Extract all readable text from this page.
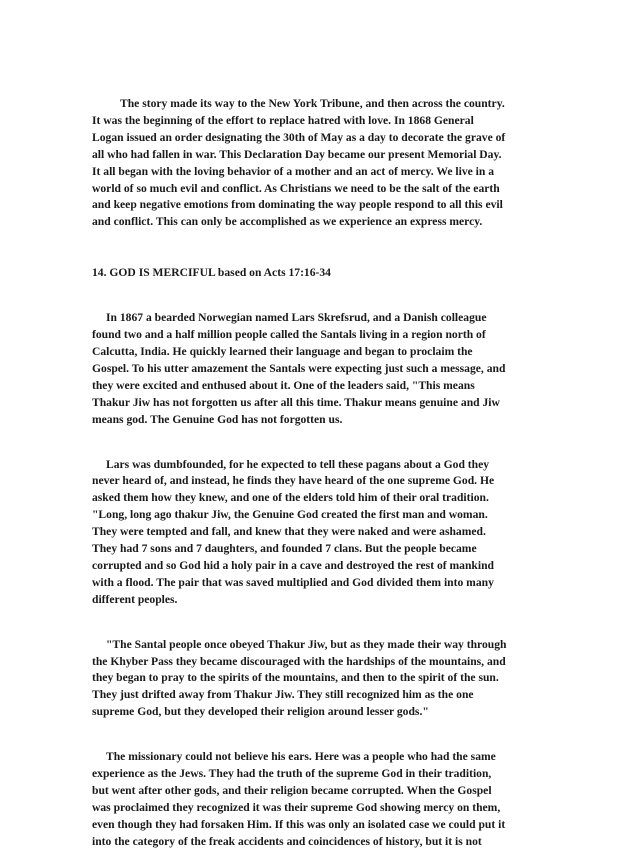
The story made its way to the New York Tribune, and then across the country.
It was the beginning of the effort to replace hatred with love. In 1868 General
Logan issued an order designating the 30th of May as a day to decorate the grave of
all who had fallen in war. This Declaration Day became our present Memorial Day.
It all began with the loving behavior of a mother and an act of mercy. We live in a
world of so much evil and conflict. As Christians we need to be the salt of the earth
and keep negative emotions from dominating the way people respond to all this evil
and conflict. This can only be accomplished as we experience an express mercy.

14. GOD IS MERCIFUL based on Acts 17:16-34

In 1867 a bearded Norwegian named Lars Skrefsrud, and a Danish colleague
found two and a half million people called the Santals living in a region north of
Calcutta, India. He quickly learned their language and began to proclaim the
Gospel. To his utter amazement the Santals were expecting just such a message, and
they were excited and enthused about it. One of the leaders said, "This means
Thakur Jiw has not forgotten us after all this time. Thakur means genuine and Jiw
means god. The Genuine God has not forgotten us.

Lars was dumbfounded, for he expected to tell these pagans about a God they
never heard of, and instead, he finds they have heard of the one supreme God. He
asked them how they knew, and one of the elders told him of their oral tradition.
"Long, long ago thakur Jiw, the Genuine God created the first man and woman.
They were tempted and fall, and knew that they were naked and were ashamed.
They had 7 sons and 7 daughters, and founded 7 clans. But the people became
corrupted and so God hid a holy pair in a cave and destroyed the rest of mankind
with a flood. The pair that was saved multiplied and God divided them into many
different peoples.

"The Santal people once obeyed Thakur Jiw, but as they made their way through
the Khyber Pass they became discouraged with the hardships of the mountains, and
they began to pray to the spirits of the mountains, and then to the spirit of the sun.
They just drifted away from Thakur Jiw. They still recognized him as the one
supreme God, but they developed their religion around lesser gods."

The missionary could not believe his ears. Here was a people who had the same
experience as the Jews. They had the truth of the supreme God in their tradition,
but went after other gods, and their religion became corrupted. When the Gospel
was proclaimed they recognized it was their supreme God showing mercy on them,
even though they had forsaken Him. If this was only an isolated case we could put it
into the category of the freak accidents and coincidences of history, but it is not
